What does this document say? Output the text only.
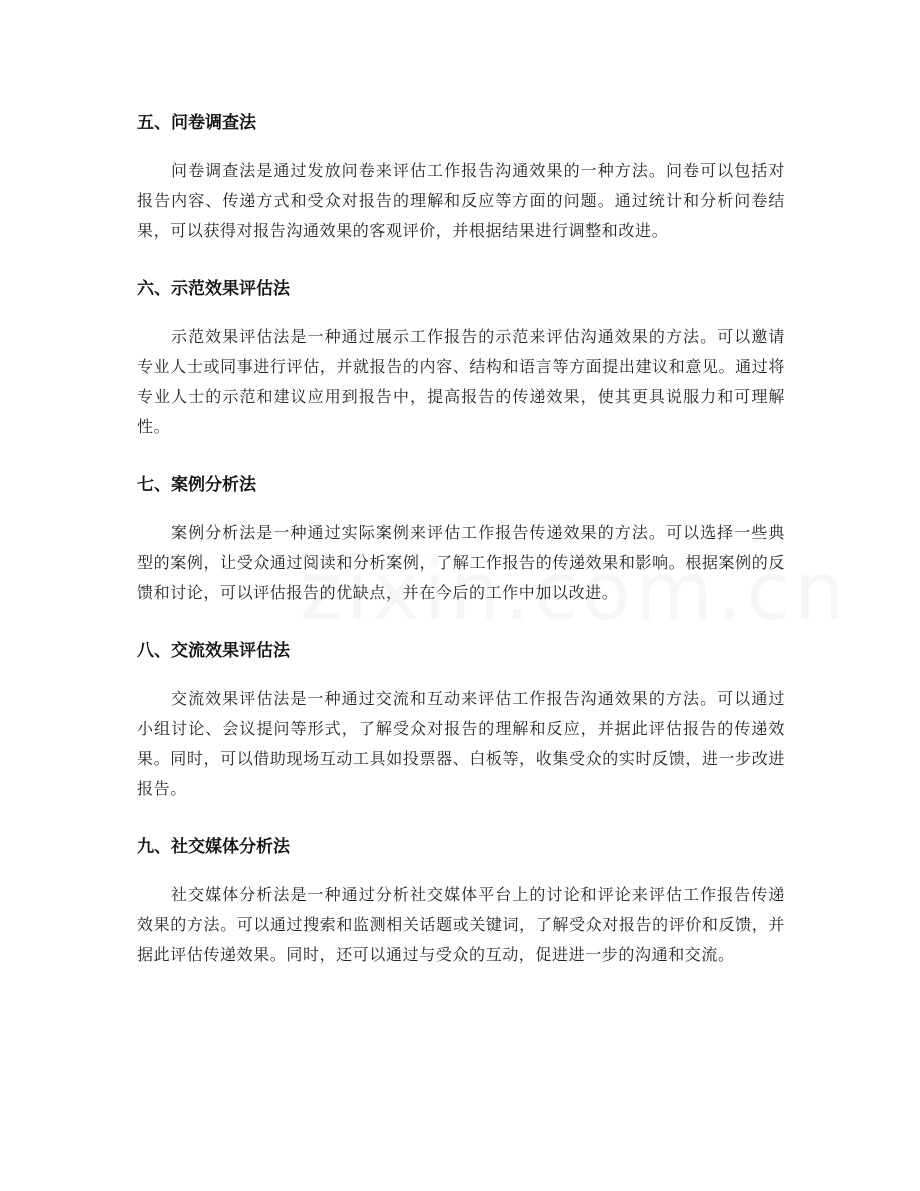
五、问卷调查法

问卷调查法是通过发放问卷来评估工作报告沟通效果的一种方法。问卷可以包括对报告内容、传递方式和受众对报告的理解和反应等方面的问题。通过统计和分析问卷结果，可以获得对报告沟通效果的客观评价，并根据结果进行调整和改进。

六、示范效果评估法

示范效果评估法是一种通过展示工作报告的示范来评估沟通效果的方法。可以邀请专业人士或同事进行评估，并就报告的内容、结构和语言等方面提出建议和意见。通过将专业人士的示范和建议应用到报告中，提高报告的传递效果，使其更具说服力和可理解性。

七、案例分析法

案例分析法是一种通过实际案例来评估工作报告传递效果的方法。可以选择一些典型的案例，让受众通过阅读和分析案例，了解工作报告的传递效果和影响。根据案例的反馈和讨论，可以评估报告的优缺点，并在今后的工作中加以改进。

八、交流效果评估法

交流效果评估法是一种通过交流和互动来评估工作报告沟通效果的方法。可以通过小组讨论、会议提问等形式，了解受众对报告的理解和反应，并据此评估报告的传递效果。同时，可以借助现场互动工具如投票器、白板等，收集受众的实时反馈，进一步改进报告。

九、社交媒体分析法

社交媒体分析法是一种通过分析社交媒体平台上的讨论和评论来评估工作报告传递效果的方法。可以通过搜索和监测相关话题或关键词，了解受众对报告的评价和反馈，并据此评估传递效果。同时，还可以通过与受众的互动，促进进一步的沟通和交流。
